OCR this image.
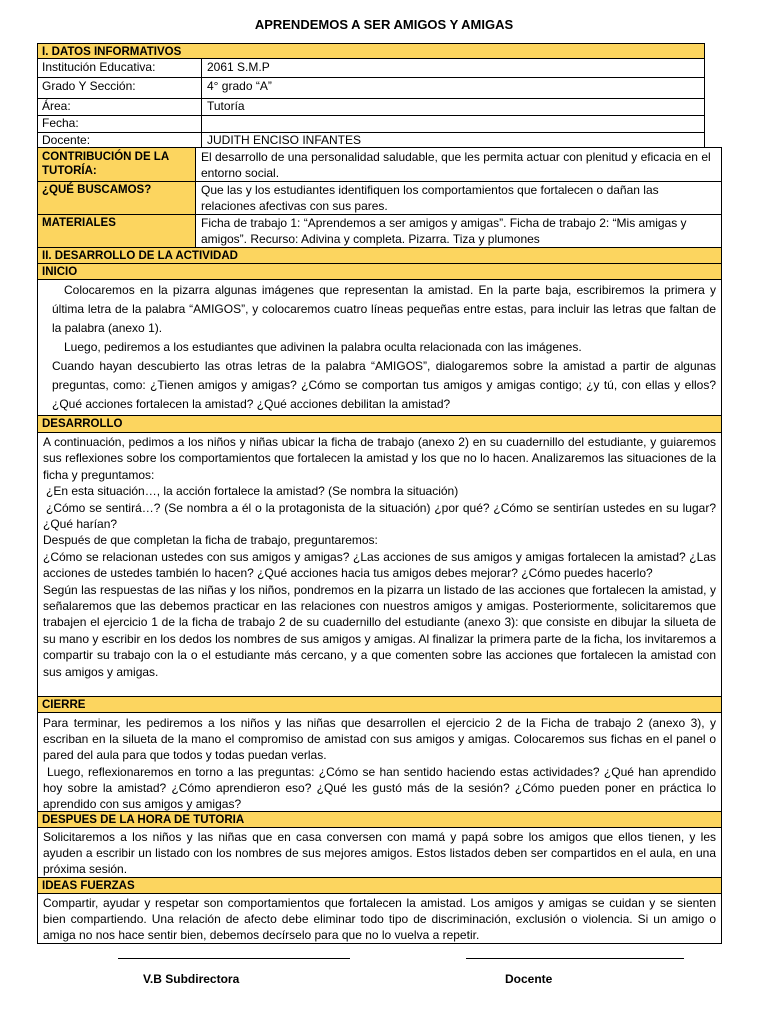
APRENDEMOS A SER AMIGOS Y AMIGAS
I. DATOS INFORMATIVOS
Institución Educativa:	2061 S.M.P
Grado Y Sección:	4° grado “A”
Área:	Tutoría
Fecha:
Docente:	JUDITH ENCISO INFANTES
CONTRIBUCIÓN DE LA TUTORÍA:
El desarrollo de una personalidad saludable, que les permita actuar con plenitud y eficacia en el entorno social.
¿QUÉ BUSCAMOS?	Que las y los estudiantes identifiquen los comportamientos que fortalecen o dañan las relaciones afectivas con sus pares.
MATERIALES	Ficha de trabajo 1: “Aprendemos a ser amigos y amigas”. Ficha de trabajo 2: “Mis amigas y amigos”. Recurso: Adivina y completa. Pizarra. Tiza y plumones
II. DESARROLLO DE LA ACTIVIDAD
INICIO

Colocaremos en la pizarra algunas imágenes que representan la amistad. En la parte baja, escribiremos la primera y última letra de la palabra “AMIGOS”, y colocaremos cuatro líneas pequeñas entre estas, para incluir las letras que faltan de la palabra (anexo 1).

Luego, pediremos a los estudiantes que adivinen la palabra oculta relacionada con las imágenes.

Cuando hayan descubierto las otras letras de la palabra “AMIGOS”, dialogaremos sobre la amistad a partir de algunas preguntas, como: ¿Tienen amigos y amigas? ¿Cómo se comportan tus amigos y amigas contigo; ¿y tú, con ellas y ellos? ¿Qué acciones fortalecen la amistad? ¿Qué acciones debilitan la amistad?

DESARROLLO

A continuación, pedimos a los niños y niñas ubicar la ficha de trabajo (anexo 2) en su cuadernillo del estudiante, y guiaremos sus reflexiones sobre los comportamientos que fortalecen la amistad y los que no lo hacen. Analizaremos las situaciones de la ficha y preguntamos:

¿En esta situación…, la acción fortalece la amistad? (Se nombra la situación)

¿Cómo se sentirá…? (Se nombra a él o la protagonista de la situación) ¿por qué? ¿Cómo se sentirían ustedes en su lugar? ¿Qué harían?

Después de que completan la ficha de trabajo, preguntaremos:

¿Cómo se relacionan ustedes con sus amigos y amigas? ¿Las acciones de sus amigos y amigas fortalecen la amistad? ¿Las acciones de ustedes también lo hacen? ¿Qué acciones hacia tus amigos debes mejorar? ¿Cómo puedes hacerlo?

Según las respuestas de las niñas y los niños, pondremos en la pizarra un listado de las acciones que fortalecen la amistad, y señalaremos que las debemos practicar en las relaciones con nuestros amigos y amigas. Posteriormente, solicitaremos que trabajen el ejercicio 1 de la ficha de trabajo 2 de su cuadernillo del estudiante (anexo 3): que consiste en dibujar la silueta de su mano y escribir en los dedos los nombres de sus amigos y amigas. Al finalizar la primera parte de la ficha, los invitaremos a compartir su trabajo con la o el estudiante más cercano, y a que comenten sobre las acciones que fortalecen la amistad con sus amigos y amigas.

CIERRE

Para terminar, les pediremos a los niños y las niñas que desarrollen el ejercicio 2 de la Ficha de trabajo 2 (anexo 3), y escriban en la silueta de la mano el compromiso de amistad con sus amigos y amigas. Colocaremos sus fichas en el panel o pared del aula para que todos y todas puedan verlas.

Luego, reflexionaremos en torno a las preguntas: ¿Cómo se han sentido haciendo estas actividades? ¿Qué han aprendido hoy sobre la amistad? ¿Cómo aprendieron eso? ¿Qué les gustó más de la sesión? ¿Cómo pueden poner en práctica lo aprendido con sus amigos y amigas?

DESPUES DE LA HORA DE TUTORIA

Solicitaremos a los niños y las niñas que en casa conversen con mamá y papá sobre los amigos que ellos tienen, y les ayuden a escribir un listado con los nombres de sus mejores amigos. Estos listados deben ser compartidos en el aula, en una próxima sesión.

IDEAS FUERZAS

Compartir, ayudar y respetar son comportamientos que fortalecen la amistad. Los amigos y amigas se cuidan y se sienten bien compartiendo. Una relación de afecto debe eliminar todo tipo de discriminación, exclusión o violencia. Si un amigo o amiga no nos hace sentir bien, debemos decírselo para que no lo vuelva a repetir.

V.B Subdirectora	Docente
